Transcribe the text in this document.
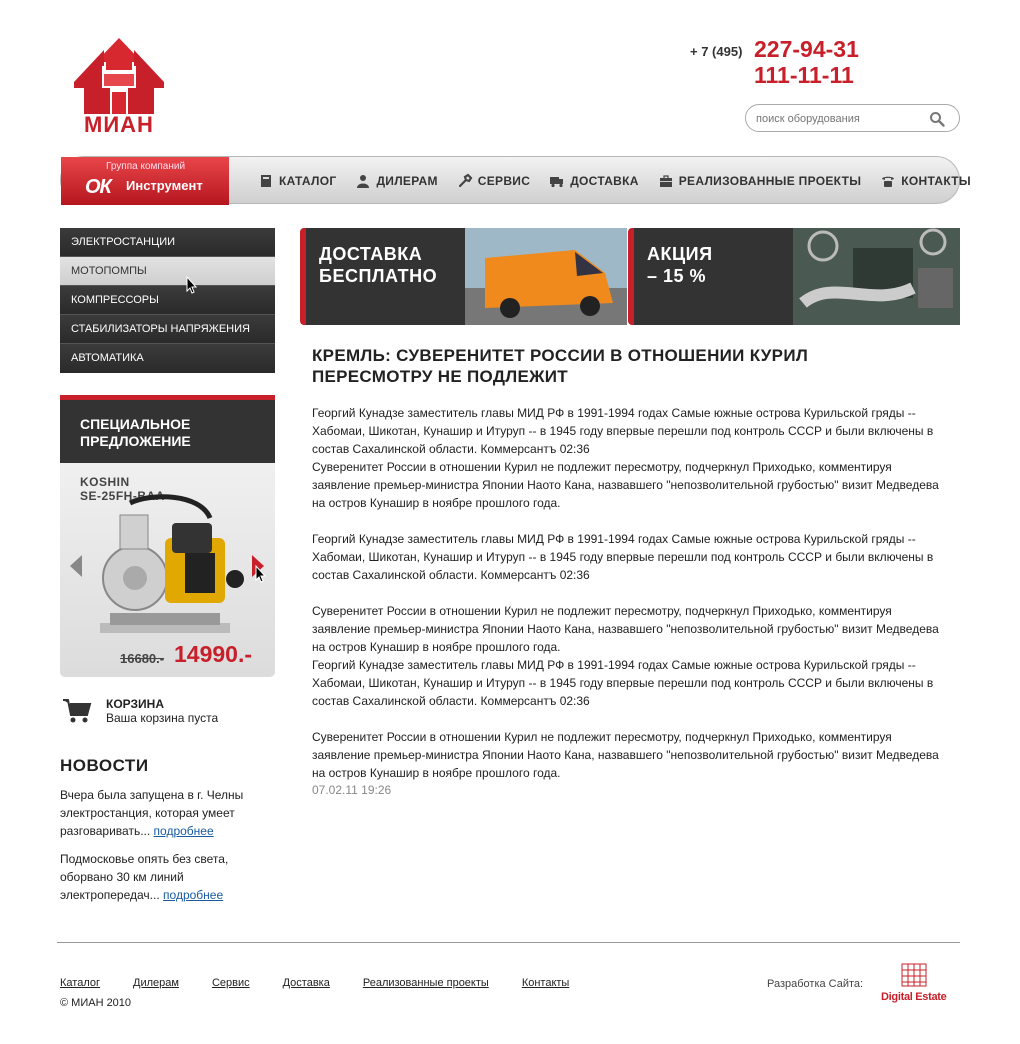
МИАН
+ 7 (495) 227-94-31
111-11-11
поиск оборудования
Группа компаний
ОК Инструмент	КАТАЛОГ	ДИЛЕРАМ	СЕРВИС	ДОСТАВКА	РЕАЛИЗОВАННЫЕ ПРОЕКТЫ	КОНТАКТЫ
ЭЛЕКТРОСТАНЦИИ
МОТОПОМПЫ
КОМПРЕССОРЫ
СТАБИЛИЗАТОРЫ НАПРЯЖЕНИЯ
АВТОМАТИКА
СПЕЦИАЛЬНОЕ
ПРЕДЛОЖЕНИЕ
KOSHIN
SE-25FH-BAA
16680.- 14990.-
КОРЗИНА
Ваша корзина пуста
НОВОСТИ
Вчера была запущена в г. Челны электростанция, которая умеет разговаривать... подробнее
Подмосковье опять без света, оборвано 30 км линий электропередач... подробнее
ДОСТАВКА
БЕСПЛАТНО
АКЦИЯ
– 15 %
КРЕМЛЬ: СУВЕРЕНИТЕТ РОССИИ В ОТНОШЕНИИ КУРИЛ ПЕРЕСМОТРУ НЕ ПОДЛЕЖИТ

Георгий Кунадзе заместитель главы МИД РФ в 1991-1994 годах Самые южные острова Курильской гряды -- Хабомаи, Шикотан, Кунашир и Итуруп -- в 1945 году впервые перешли под контроль СССР и были включены в состав Сахалинской области. Коммерсантъ 02:36

Суверенитет России в отношении Курил не подлежит пересмотру, подчеркнул Приходько, комментируя заявление премьер-министра Японии Наото Кана, назвавшего "непозволительной грубостью" визит Медведева на остров Кунашир в ноябре прошлого года.

Георгий Кунадзе заместитель главы МИД РФ в 1991-1994 годах Самые южные острова Курильской гряды -- Хабомаи, Шикотан, Кунашир и Итуруп -- в 1945 году впервые перешли под контроль СССР и были включены в состав Сахалинской области. Коммерсантъ 02:36

Суверенитет России в отношении Курил не подлежит пересмотру, подчеркнул Приходько, комментируя заявление премьер-министра Японии Наото Кана, назвавшего "непозволительной грубостью" визит Медведева на остров Кунашир в ноябре прошлого года.

Георгий Кунадзе заместитель главы МИД РФ в 1991-1994 годах Самые южные острова Курильской гряды -- Хабомаи, Шикотан, Кунашир и Итуруп -- в 1945 году впервые перешли под контроль СССР и были включены в состав Сахалинской области. Коммерсантъ 02:36

Суверенитет России в отношении Курил не подлежит пересмотру, подчеркнул Приходько, комментируя заявление премьер-министра Японии Наото Кана, назвавшего "непозволительной грубостью" визит Медведева на остров Кунашир в ноябре прошлого года.

07.02.11 19:26
Каталог	Дилерам	Сервис	Доставка	Реализованные проекты	Контакты
© МИАН 2010
Разработка Сайта:
Digital Estate
